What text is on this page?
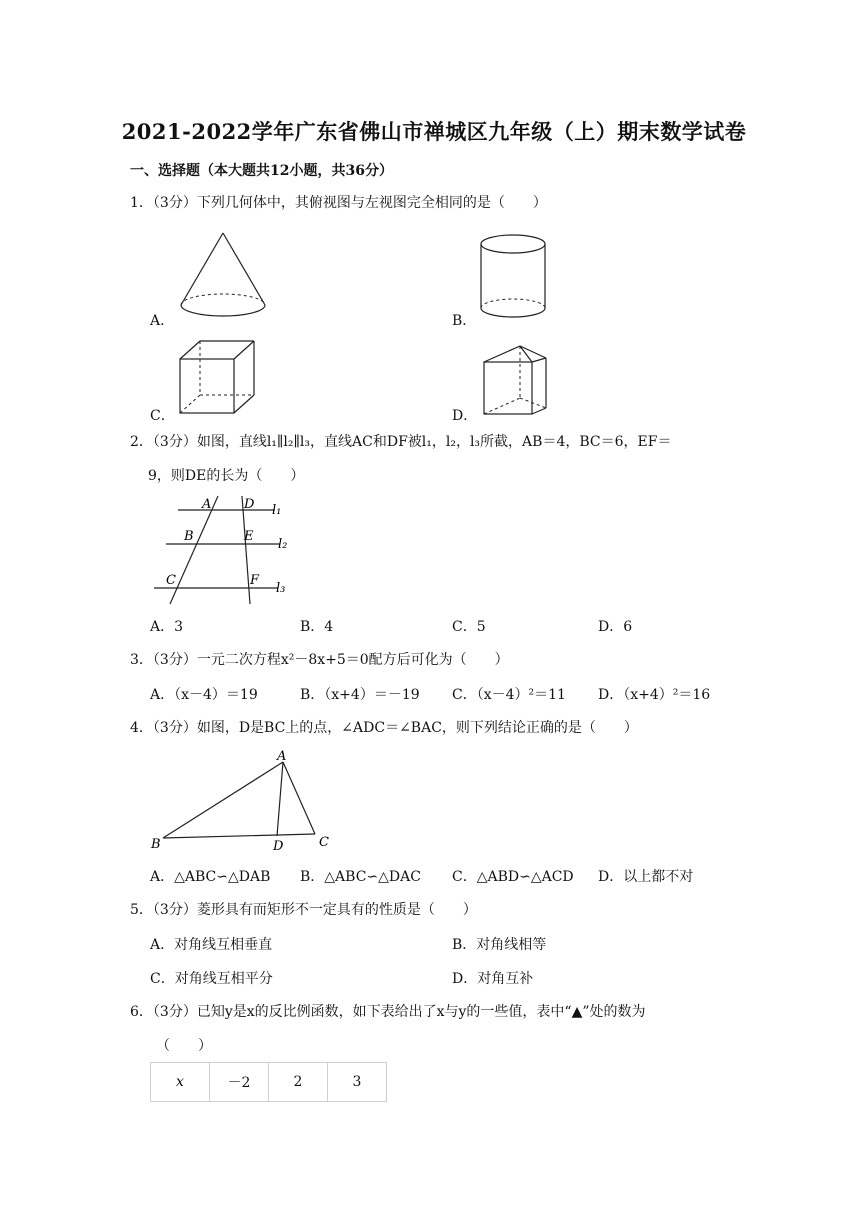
2021-2022学年广东省佛山市禅城区九年级（上）期末数学试卷
一、选择题（本大题共12小题，共36分）
1．（3分）下列几何体中，其俯视图与左视图完全相同的是（　　）
A．	B．
C．	D．
2．（3分）如图，直线l₁∥l₂∥l₃，直线AC和DF被l₁，l₂，l₃所截，AB＝4，BC＝6，EF＝
9，则DE的长为（　　）
A	D
B	E
C	F
l₁
l₂
l₃
A．3	B．4	C．5	D．6
3．（3分）一元二次方程x²－8x+5＝0配方后可化为（　　）
A．（x－4）＝19	B．（x+4）＝－19 C．（x－4）²＝11 D．（x+4）²＝16
4．（3分）如图，D是BC上的点，∠ADC＝∠BAC，则下列结论正确的是（　　）
A
B	D	C
A．△ABC∽△DAB B．△ABC∽△DAC C．△ABD∽△ACD D．以上都不对
5．（3分）菱形具有而矩形不一定具有的性质是（　　）
A．对角线互相垂直	B．对角线相等
C．对角线互相平分	D．对角互补
6．（3分）已知y是x的反比例函数，如下表给出了x与y的一些值，表中“▲”处的数为
（　　）
x	－2	2	3
